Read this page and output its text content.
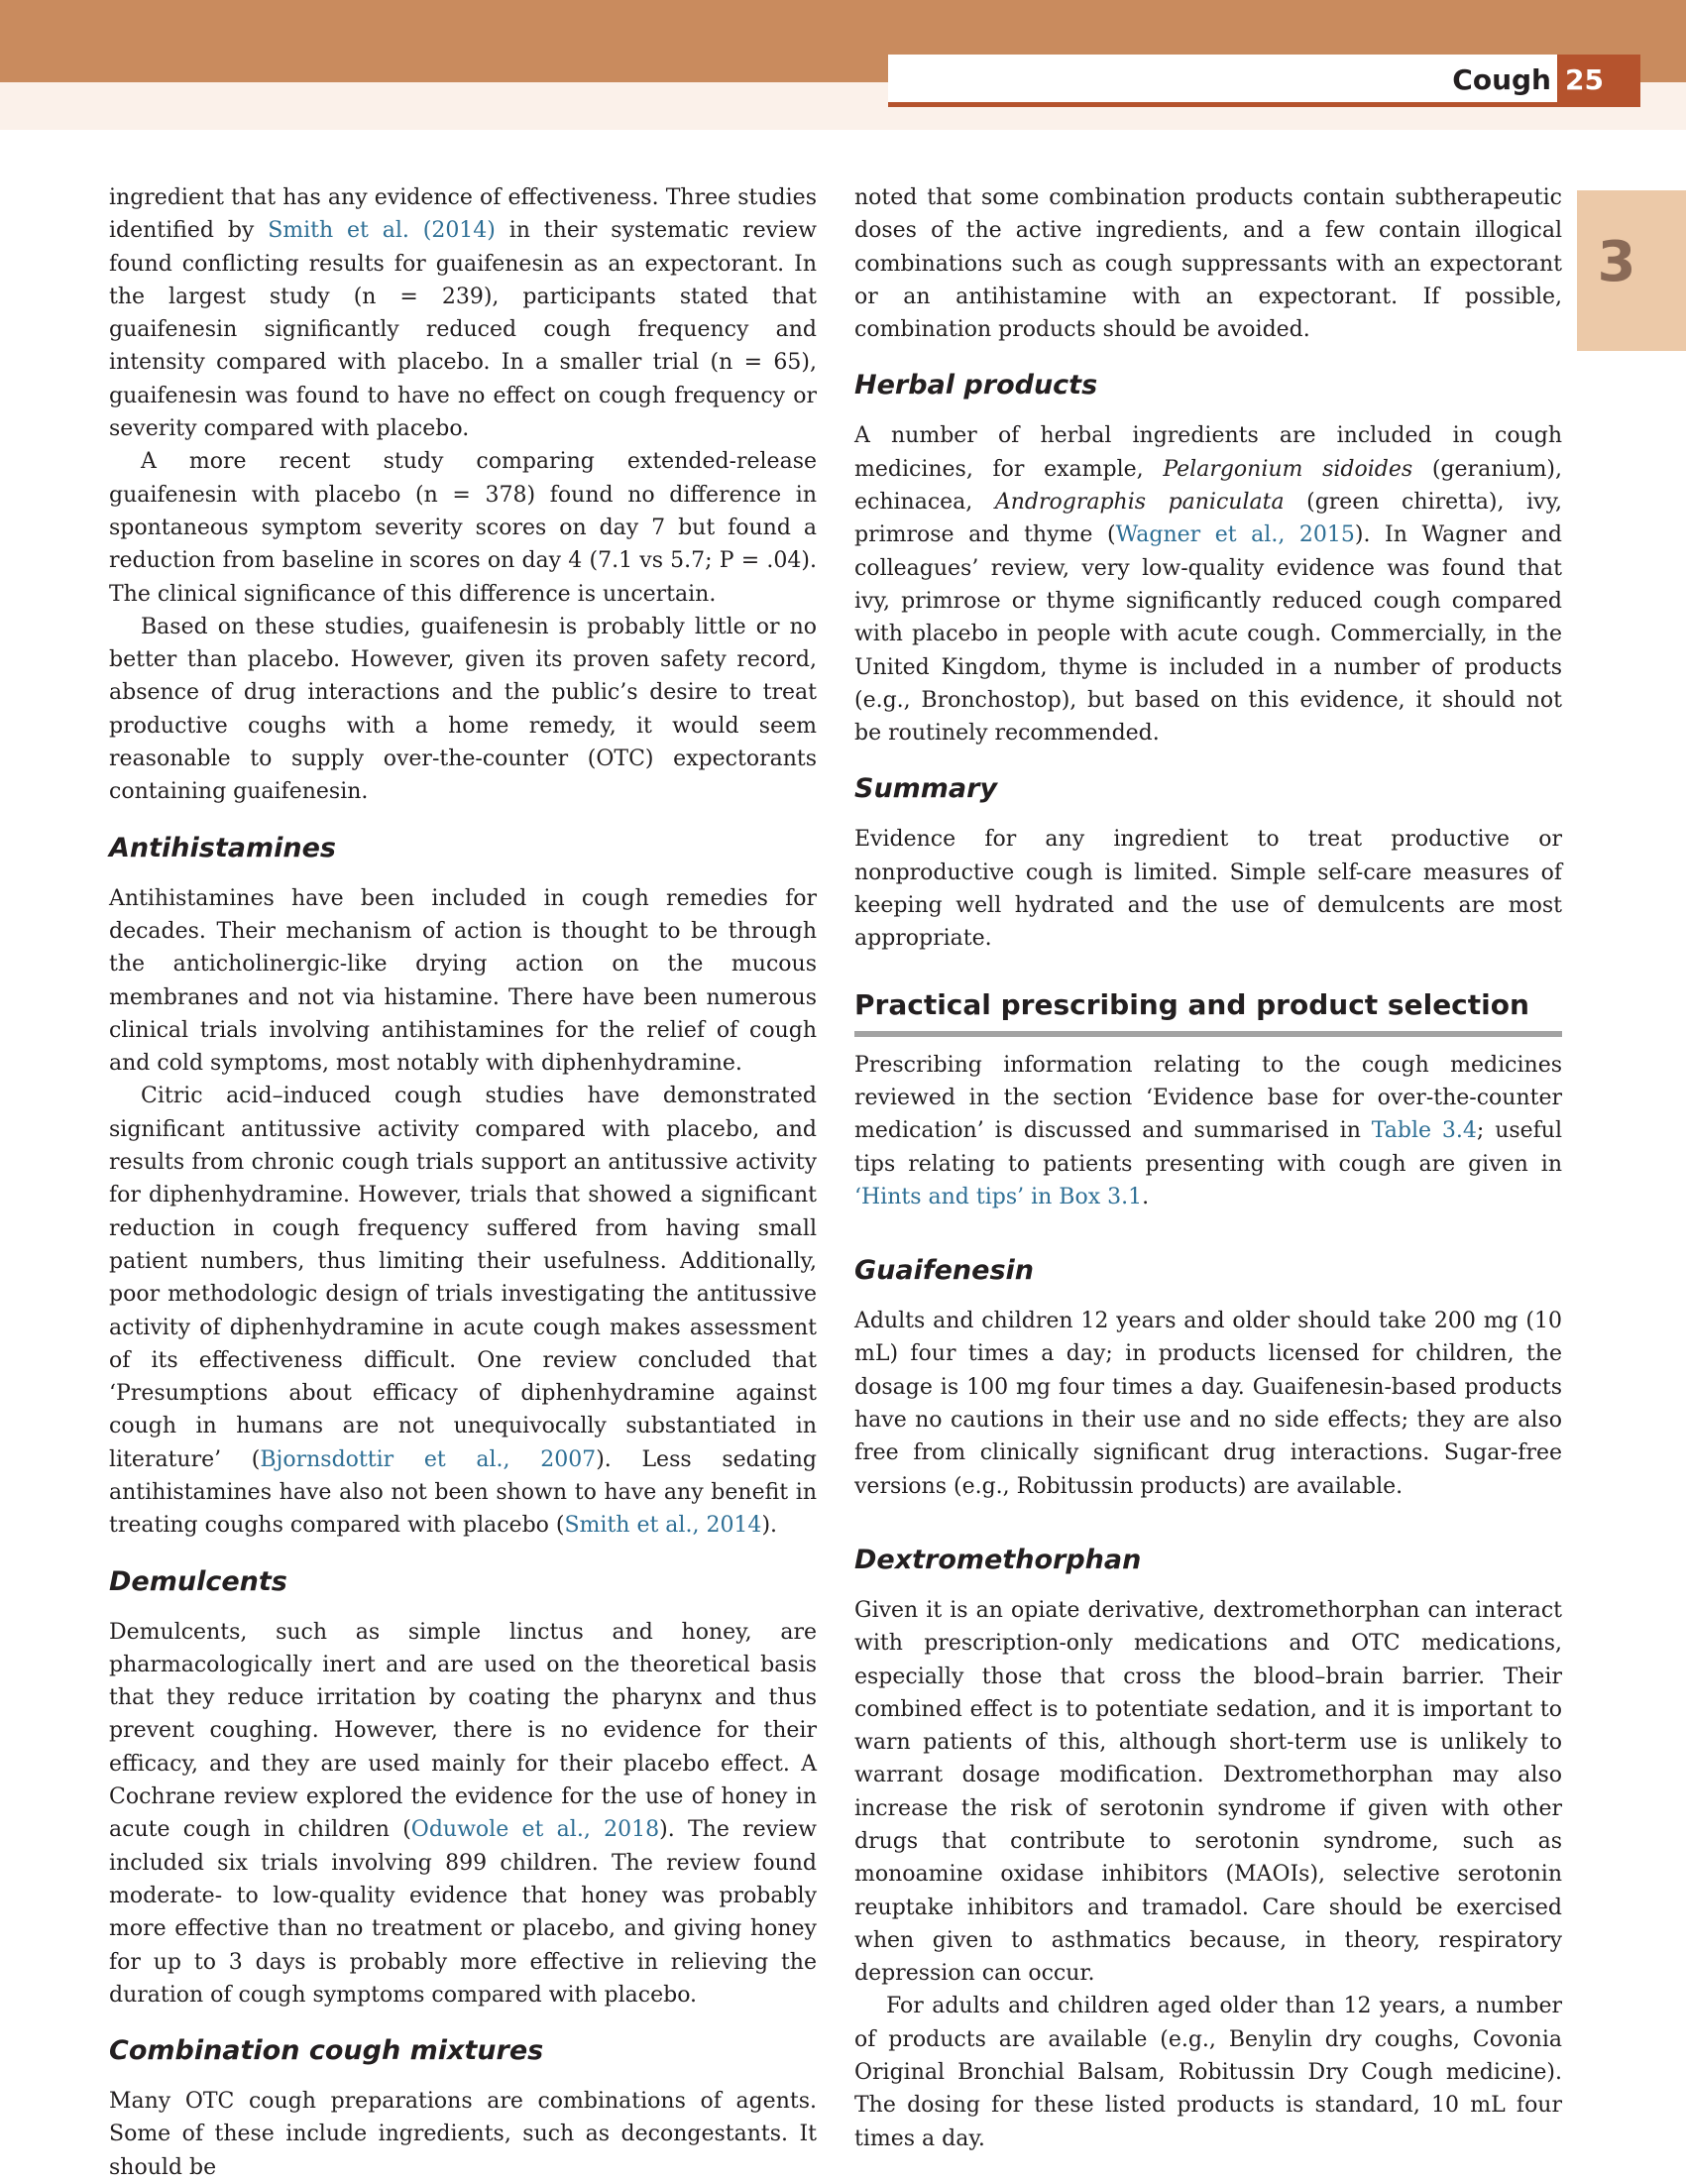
Cough 25
3

ingredient that has any evidence of effectiveness. Three studies identified by Smith et al. (2014) in their systematic review found conflicting results for guaifenesin as an expectorant. In the largest study (n = 239), participants stated that guaifenesin significantly reduced cough frequency and intensity compared with placebo. In a smaller trial (n = 65), guaifenesin was found to have no effect on cough frequency or severity compared with placebo.

A more recent study comparing extended-release guaifenesin with placebo (n = 378) found no difference in spontaneous symptom severity scores on day 7 but found a reduction from baseline in scores on day 4 (7.1 vs 5.7; P = .04). The clinical significance of this difference is uncertain.

Based on these studies, guaifenesin is probably little or no better than placebo. However, given its proven safety record, absence of drug interactions and the public’s desire to treat productive coughs with a home remedy, it would seem reasonable to supply over-the-counter (OTC) expectorants containing guaifenesin.

Antihistamines

Antihistamines have been included in cough remedies for decades. Their mechanism of action is thought to be through the anticholinergic-like drying action on the mucous membranes and not via histamine. There have been numerous clinical trials involving antihistamines for the relief of cough and cold symptoms, most notably with diphenhydramine.

Citric acid–induced cough studies have demonstrated significant antitussive activity compared with placebo, and results from chronic cough trials support an antitussive activity for diphenhydramine. However, trials that showed a significant reduction in cough frequency suffered from having small patient numbers, thus limiting their usefulness. Additionally, poor methodologic design of trials investigating the antitussive activity of diphenhydramine in acute cough makes assessment of its effectiveness difficult. One review concluded that ‘Presumptions about efficacy of diphenhydramine against cough in humans are not unequivocally substantiated in literature’ (Bjornsdottir et al., 2007). Less sedating antihistamines have also not been shown to have any benefit in treating coughs compared with placebo (Smith et al., 2014).

Demulcents

Demulcents, such as simple linctus and honey, are pharmacologically inert and are used on the theoretical basis that they reduce irritation by coating the pharynx and thus prevent coughing. However, there is no evidence for their efficacy, and they are used mainly for their placebo effect. A Cochrane review explored the evidence for the use of honey in acute cough in children (Oduwole et al., 2018). The review included six trials involving 899 children. The review found moderate- to low-quality evidence that honey was probably more effective than no treatment or placebo, and giving honey for up to 3 days is probably more effective in relieving the duration of cough symptoms compared with placebo.

Combination cough mixtures

Many OTC cough preparations are combinations of agents. Some of these include ingredients, such as decongestants. It should be

noted that some combination products contain subtherapeutic doses of the active ingredients, and a few contain illogical combinations such as cough suppressants with an expectorant or an antihistamine with an expectorant. If possible, combination products should be avoided.

Herbal products

A number of herbal ingredients are included in cough medicines, for example, Pelargonium sidoides (geranium), echinacea, Andrographis paniculata (green chiretta), ivy, primrose and thyme (Wagner et al., 2015). In Wagner and colleagues’ review, very low-quality evidence was found that ivy, primrose or thyme significantly reduced cough compared with placebo in people with acute cough. Commercially, in the United Kingdom, thyme is included in a number of products (e.g., Bronchostop), but based on this evidence, it should not be routinely recommended.

Summary

Evidence for any ingredient to treat productive or nonproductive cough is limited. Simple self-care measures of keeping well hydrated and the use of demulcents are most appropriate.

Practical prescribing and product selection

Prescribing information relating to the cough medicines reviewed in the section ‘Evidence base for over-the-counter medication’ is discussed and summarised in Table 3.4; useful tips relating to patients presenting with cough are given in ‘Hints and tips’ in Box 3.1.

Guaifenesin

Adults and children 12 years and older should take 200 mg (10 mL) four times a day; in products licensed for children, the dosage is 100 mg four times a day. Guaifenesin-based products have no cautions in their use and no side effects; they are also free from clinically significant drug interactions. Sugar-free versions (e.g., Robitussin products) are available.

Dextromethorphan

Given it is an opiate derivative, dextromethorphan can interact with prescription-only medications and OTC medications, especially those that cross the blood–brain barrier. Their combined effect is to potentiate sedation, and it is important to warn patients of this, although short-term use is unlikely to warrant dosage modification. Dextromethorphan may also increase the risk of serotonin syndrome if given with other drugs that contribute to serotonin syndrome, such as monoamine oxidase inhibitors (MAOIs), selective serotonin reuptake inhibitors and tramadol. Care should be exercised when given to asthmatics because, in theory, respiratory depression can occur.

For adults and children aged older than 12 years, a number of products are available (e.g., Benylin dry coughs, Covonia Original Bronchial Balsam, Robitussin Dry Cough medicine). The dosing for these listed products is standard, 10 mL four times a day.
